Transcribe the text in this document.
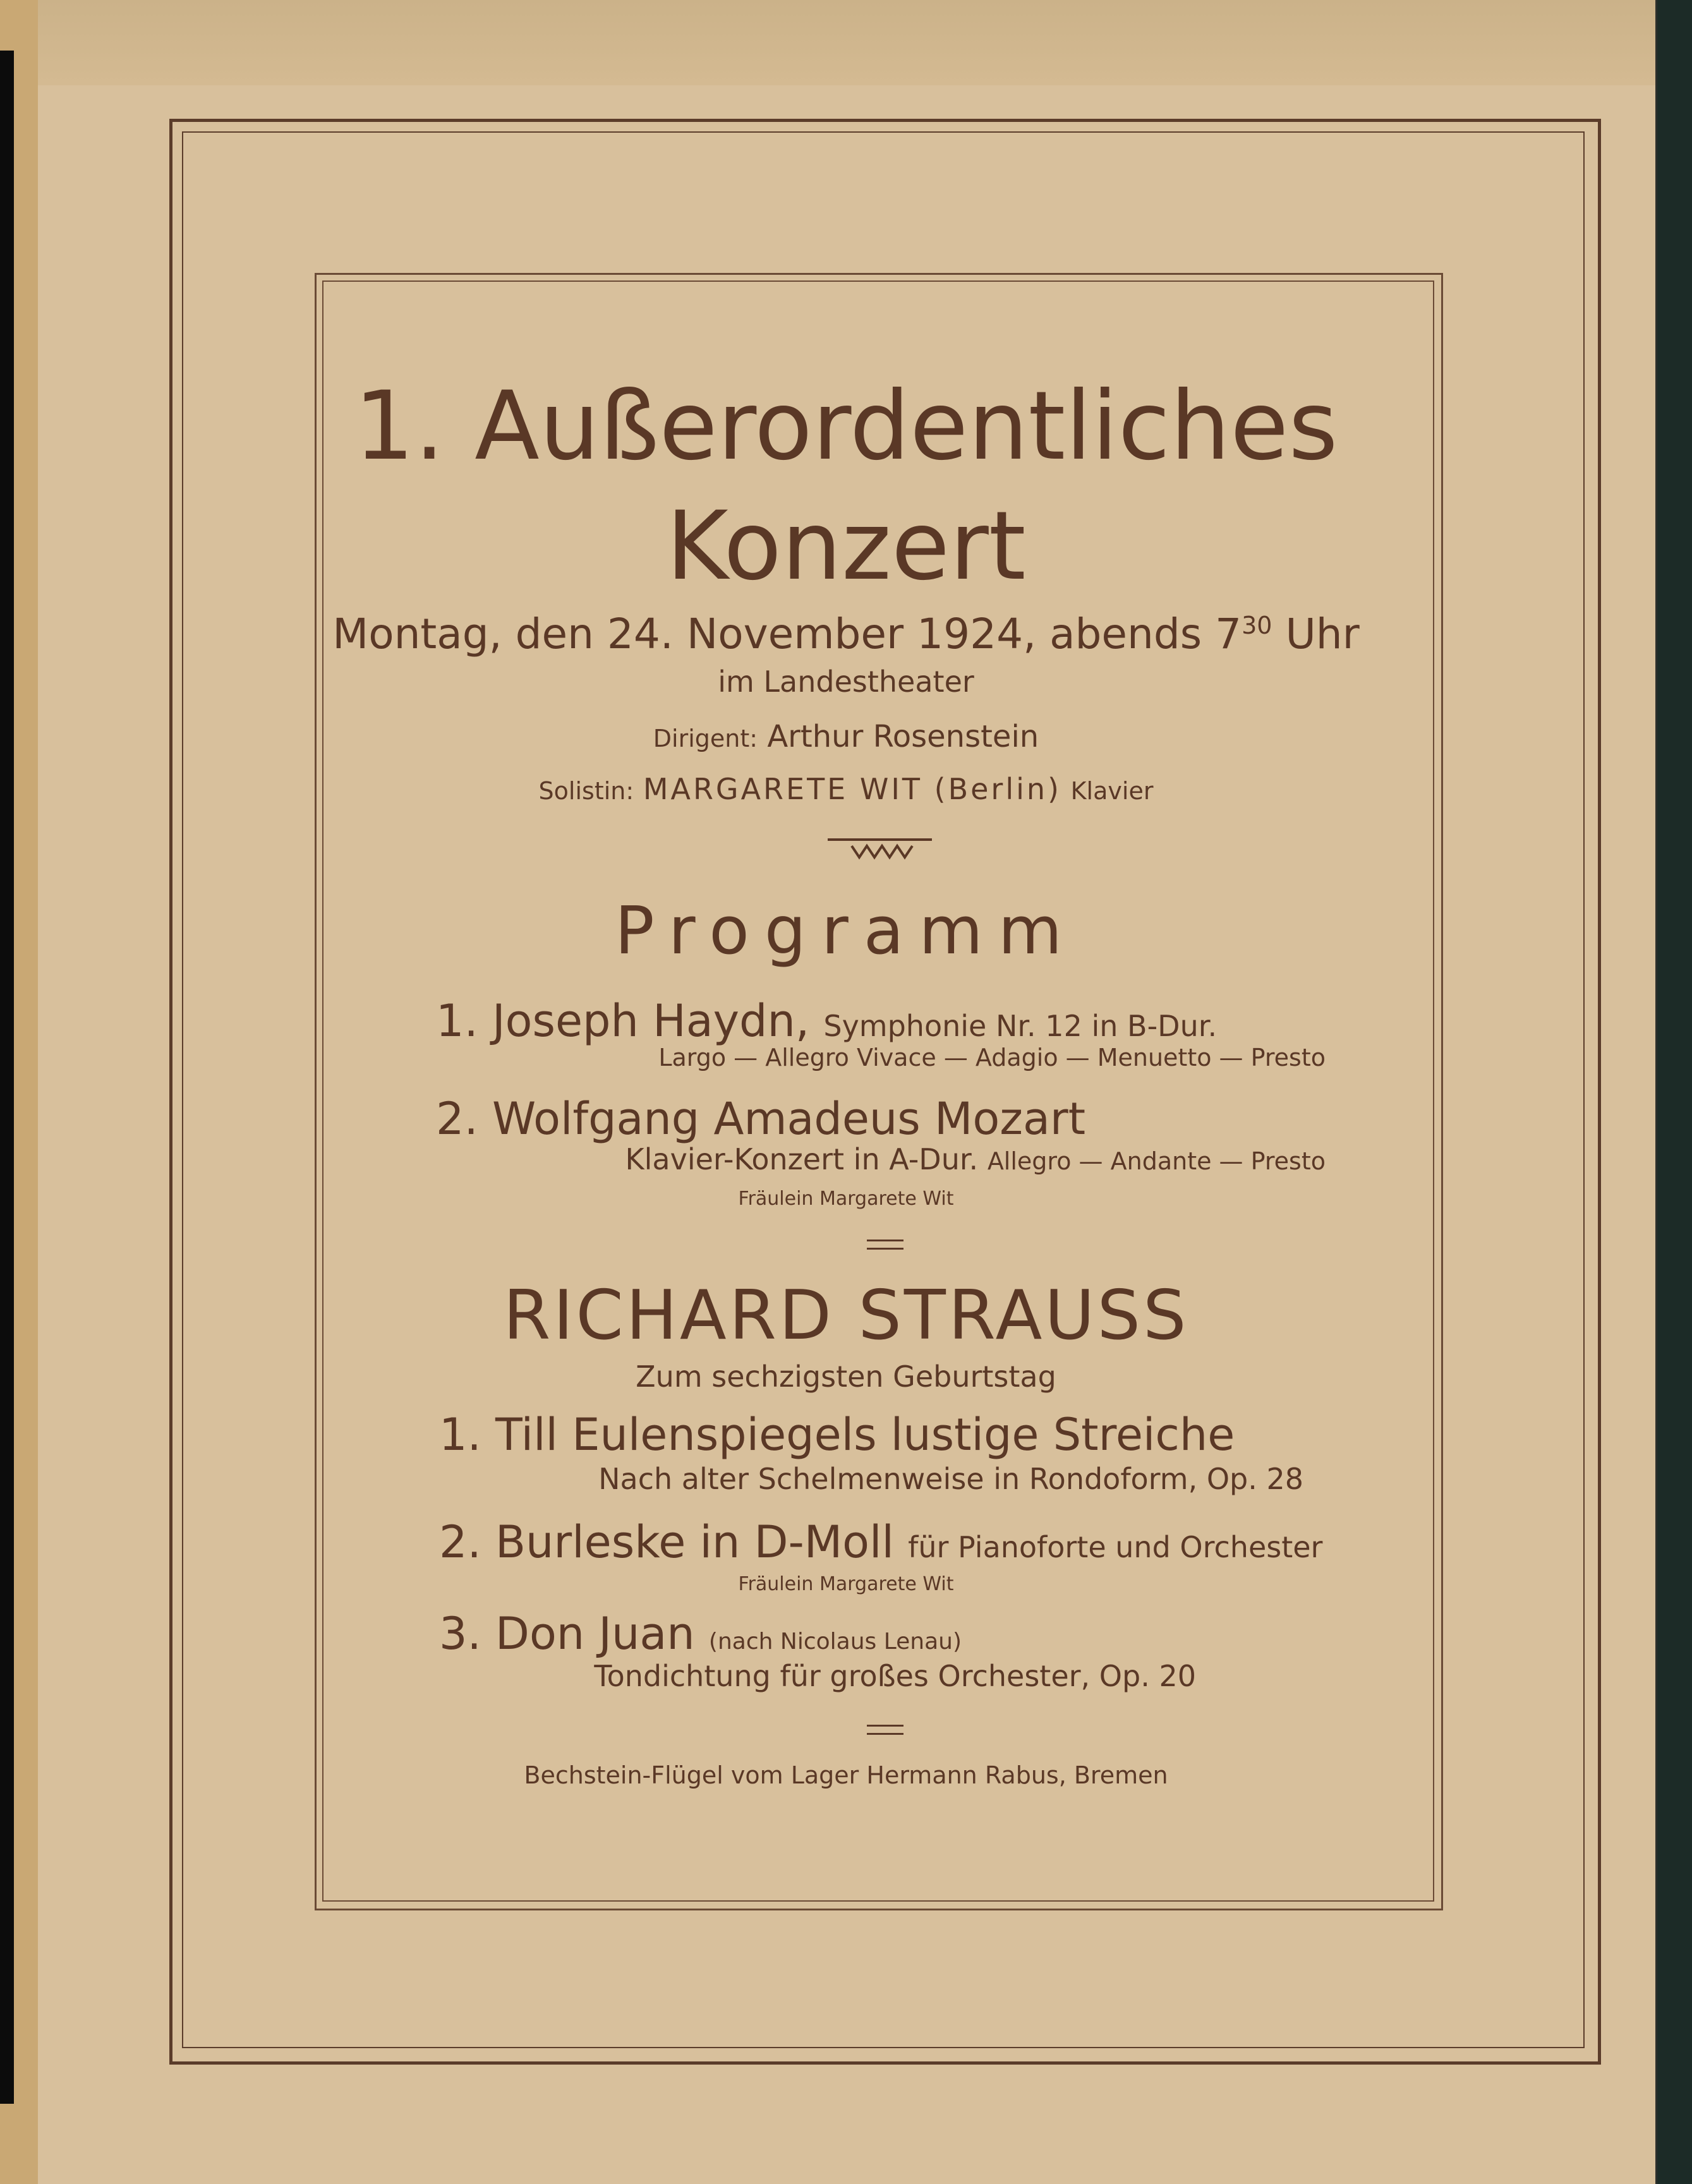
1. Außerordentliches
Konzert
Montag, den 24. November 1924, abends $7^{30}$ Uhr
im Landestheater
Dirigent: Arthur Rosenstein
Solistin: MARGARETE WIT (Berlin) Klavier
Programm
1. Joseph Haydn, Symphonie Nr. 12 in B-Dur.
Largo — Allegro Vivace — Adagio — Menuetto — Presto
2. Wolfgang Amadeus Mozart
Klavier-Konzert in A-Dur. Allegro — Andante — Presto
Fräulein Margarete Wit
RICHARD STRAUSS
Zum sechzigsten Geburtstag
1. Till Eulenspiegels lustige Streiche
Nach alter Schelmenweise in Rondoform, Op. 28
2. Burleske in D-Moll für Pianoforte und Orchester
Fräulein Margarete Wit
3. Don Juan (nach Nicolaus Lenau)
Tondichtung für großes Orchester, Op. 20
Bechstein-Flügel vom Lager Hermann Rabus, Bremen
